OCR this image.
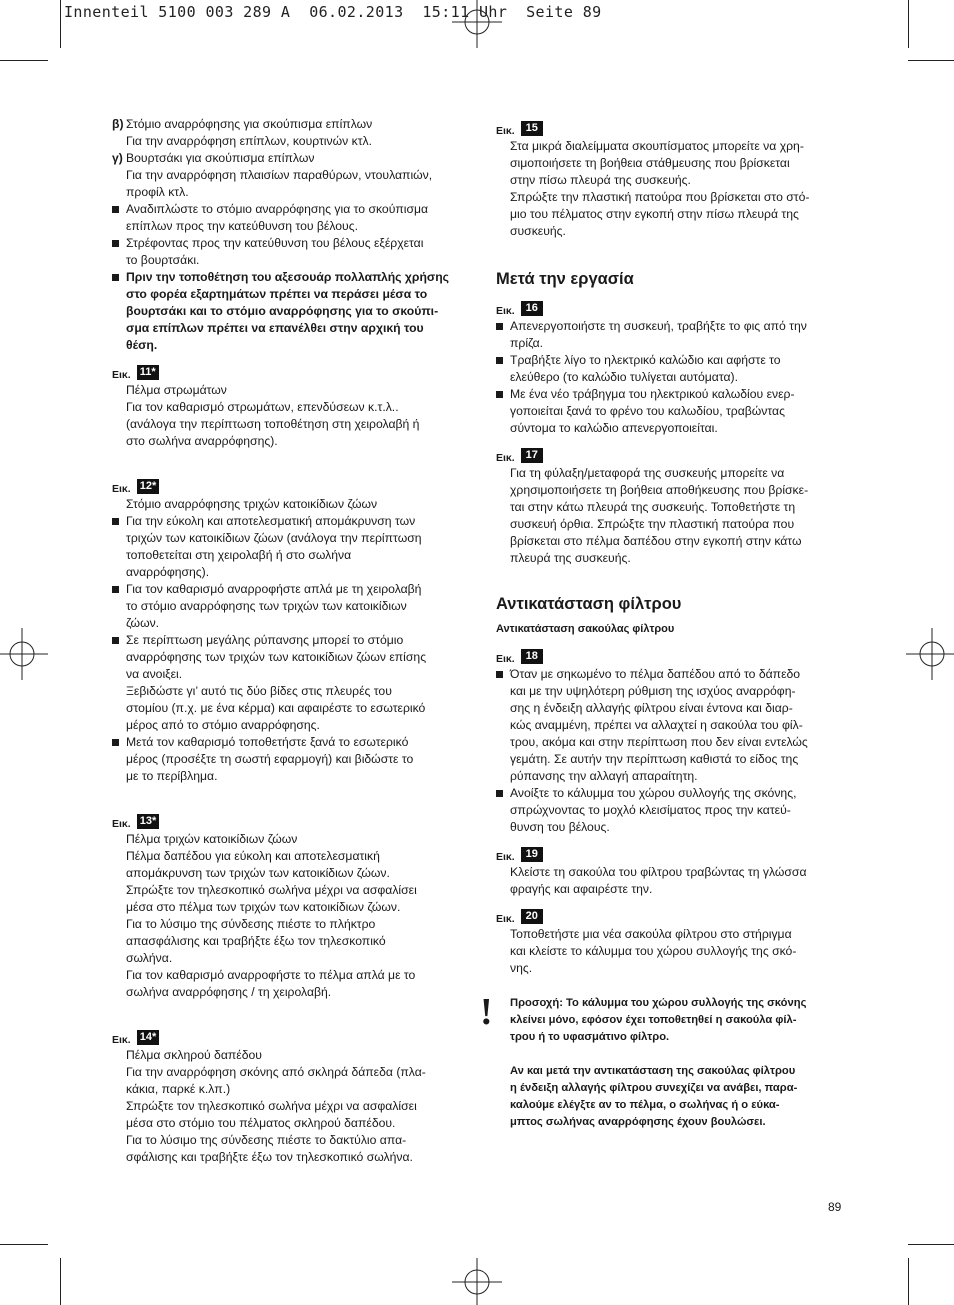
Innenteil 5100 003 289 A  06.02.2013  15:11 Uhr  Seite 89
β) Στόμιο αναρρόφησης για σκούπισμα επίπλων
Για την αναρρόφηση επίπλων, κουρτινών κτλ.
γ) Βουρτσάκι για σκούπισμα επίπλων
Για την αναρρόφηση πλαισίων παραθύρων, ντουλαπιών,
προφίλ κτλ.
Αναδιπλώστε το στόμιο αναρρόφησης για το σκούπισμα
επίπλων προς την κατεύθυνση του βέλους.
Στρέφοντας προς την κατεύθυνση του βέλους εξέρχεται
το βουρτσάκι.
Πριν την τοποθέτηση του αξεσουάρ πολλαπλής χρήσης
στο φορέα εξαρτημάτων πρέπει να περάσει μέσα το
βουρτσάκι και το στόμιο αναρρόφησης για το σκούπι-
σμα επίπλων πρέπει να επανέλθει στην αρχική του
θέση.
Εικ. 11*
Πέλμα στρωμάτων
Για τον καθαρισμό στρωμάτων, επενδύσεων κ.τ.λ..
(ανάλογα την περίπτωση τοποθέτηση στη χειρολαβή ή
στο σωλήνα αναρρόφησης).
Εικ. 12*
Στόμιο αναρρόφησης τριχών κατοικίδιων ζώων
Για την εύκολη και αποτελεσματική απομάκρυνση των
τριχών των κατοικίδιων ζώων (ανάλογα την περίπτωση
τοποθετείται στη χειρολαβή ή στο σωλήνα
αναρρόφησης).
Για τον καθαρισμό αναρροφήστε απλά με τη χειρολαβή
το στόμιο αναρρόφησης των τριχών των κατοικίδιων
ζώων.
Σε περίπτωση μεγάλης ρύπανσης μπορεί το στόμιο
αναρρόφησης των τριχών των κατοικίδιων ζώων επίσης
να ανοιξει.
Ξεβιδώστε γι’ αυτό τις δύο βίδες στις πλευρές του
στομίου (π.χ. με ένα κέρμα) και αφαιρέστε το εσωτερικό
μέρος από το στόμιο αναρρόφησης.
Μετά τον καθαρισμό τοποθετήστε ξανά το εσωτερικό
μέρος (προσέξτε τη σωστή εφαρμογή) και βιδώστε το
με το περίβλημα.
Εικ. 13*
Πέλμα τριχών κατοικίδιων ζώων
Πέλμα δαπέδου για εύκολη και αποτελεσματική
απομάκρυνση των τριχών των κατοικίδιων ζώων.
Σπρώξτε τον τηλεσκοπικό σωλήνα μέχρι να ασφαλίσει
μέσα στο πέλμα των τριχών των κατοικίδιων ζώων.
Για το λύσιμο της σύνδεσης πιέστε το πλήκτρο
απασφάλισης και τραβήξτε έξω τον τηλεσκοπικό
σωλήνα.
Για τον καθαρισμό αναρροφήστε το πέλμα απλά με το
σωλήνα αναρρόφησης / τη χειρολαβή.
Εικ. 14*
Πέλμα σκληρού δαπέδου
Για την αναρρόφηση σκόνης από σκληρά δάπεδα (πλα-
κάκια, παρκέ κ.λπ.)
Σπρώξτε τον τηλεσκοπικό σωλήνα μέχρι να ασφαλίσει
μέσα στο στόμιο του πέλματος σκληρού δαπέδου.
Για το λύσιμο της σύνδεσης πιέστε το δακτύλιο απα-
σφάλισης και τραβήξτε έξω τον τηλεσκοπικό σωλήνα.
Εικ. 15
Στα μικρά διαλείμματα σκουπίσματος μπορείτε να χρη-
σιμοποιήσετε τη βοήθεια στάθμευσης που βρίσκεται
στην πίσω πλευρά της συσκευής.
Σπρώξτε την πλαστική πατούρα που βρίσκεται στο στό-
μιο του πέλματος στην εγκοπή στην πίσω πλευρά της
συσκευής.
Μετά την εργασία
Εικ. 16
Απενεργοποιήστε τη συσκευή, τραβήξτε το φις από την
πρίζα.
Τραβήξτε λίγο το ηλεκτρικό καλώδιο και αφήστε το
ελεύθερο (το καλώδιο τυλίγεται αυτόματα).
Με ένα νέο τράβηγμα του ηλεκτρικού καλωδίου ενερ-
γοποιείται ξανά το φρένο του καλωδίου, τραβώντας
σύντομα το καλώδιο απενεργοποιείται.
Εικ. 17
Για τη φύλαξη/μεταφορά της συσκευής μπορείτε να
χρησιμοποιήσετε τη βοήθεια αποθήκευσης που βρίσκε-
ται στην κάτω πλευρά της συσκευής. Τοποθετήστε τη
συσκευή όρθια. Σπρώξτε την πλαστική πατούρα που
βρίσκεται στο πέλμα δαπέδου στην εγκοπή στην κάτω
πλευρά της συσκευής.
Αντικατάσταση φίλτρου
Αντικατάσταση σακούλας φίλτρου
Εικ. 18
Όταν με σηκωμένο το πέλμα δαπέδου από το δάπεδο
και με την υψηλότερη ρύθμιση της ισχύος αναρρόφη-
σης η ένδειξη αλλαγής φίλτρου είναι έντονα και διαρ-
κώς αναμμένη, πρέπει να αλλαχτεί η σακούλα του φίλ-
τρου, ακόμα και στην περίπτωση που δεν είναι εντελώς
γεμάτη. Σε αυτήν την περίπτωση καθιστά το είδος της
ρύπανσης την αλλαγή απαραίτητη.
Ανοίξτε το κάλυμμα του χώρου συλλογής της σκόνης,
σπρώχνοντας το μοχλό κλεισίματος προς την κατεύ-
θυνση του βέλους.
Εικ. 19
Κλείστε τη σακούλα του φίλτρου τραβώντας τη γλώσσα
φραγής και αφαιρέστε την.
Εικ. 20
Τοποθετήστε μια νέα σακούλα φίλτρου στο στήριγμα
και κλείστε το κάλυμμα του χώρου συλλογής της σκό-
νης.
! Προσοχή: Το κάλυμμα του χώρου συλλογής της σκόνης
κλείνει μόνο, εφόσον έχει τοποθετηθεί η σακούλα φίλ-
τρου ή το υφασμάτινο φίλτρο.
Αν και μετά την αντικατάσταση της σακούλας φίλτρου
η ένδειξη αλλαγής φίλτρου συνεχίζει να ανάβει, παρα-
καλούμε ελέγξτε αν το πέλμα, ο σωλήνας ή ο εύκα-
μπτος σωλήνας αναρρόφησης έχουν βουλώσει.
89
